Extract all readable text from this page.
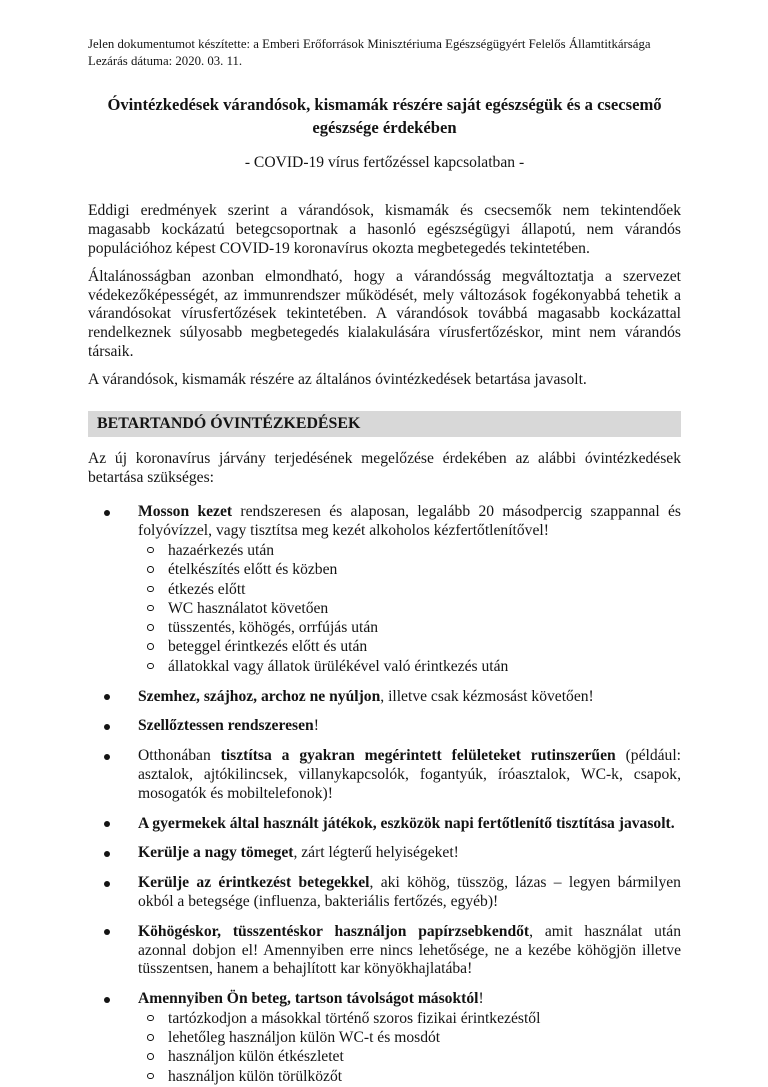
Jelen dokumentumot készítette: a Emberi Erőforrások Minisztériuma Egészségügyért Felelős Államtitkársága
Lezárás dátuma: 2020. 03. 11.
Óvintézkedések várandósok, kismamák részére saját egészségük és a csecsemő egészsége érdekében
- COVID-19 vírus fertőzéssel kapcsolatban -

Eddigi eredmények szerint a várandósok, kismamák és csecsemők nem tekintendőek magasabb kockázatú betegcsoportnak a hasonló egészségügyi állapotú, nem várandós populációhoz képest COVID-19 koronavírus okozta megbetegedés tekintetében.

Általánosságban azonban elmondható, hogy a várandósság megváltoztatja a szervezet védekezőképességét, az immunrendszer működését, mely változások fogékonyabbá tehetik a várandósokat vírusfertőzések tekintetében. A várandósok továbbá magasabb kockázattal rendelkeznek súlyosabb megbetegedés kialakulására vírusfertőzéskor, mint nem várandós társaik.

A várandósok, kismamák részére az általános óvintézkedések betartása javasolt.

BETARTANDÓ ÓVINTÉZKEDÉSEK

Az új koronavírus járvány terjedésének megelőzése érdekében az alábbi óvintézkedések betartása szükséges:

Mosson kezet rendszeresen és alaposan, legalább 20 másodpercig szappannal és folyóvízzel, vagy tisztítsa meg kezét alkoholos kézfertőtlenítővel!
hazaérkezés után
ételkészítés előtt és közben
étkezés előtt
WC használatot követően
tüsszentés, köhögés, orrfújás után
beteggel érintkezés előtt és után
állatokkal vagy állatok ürülékével való érintkezés után
Szemhez, szájhoz, archoz ne nyúljon, illetve csak kézmosást követően!
Szellőztessen rendszeresen!
Otthonában tisztítsa a gyakran megérintett felületeket rutinszerűen (például: asztalok, ajtókilincsek, villanykapcsolók, fogantyúk, íróasztalok, WC-k, csapok, mosogatók és mobiltelefonok)!
A gyermekek által használt játékok, eszközök napi fertőtlenítő tisztítása javasolt.
Kerülje a nagy tömeget, zárt légterű helyiségeket!
Kerülje az érintkezést betegekkel, aki köhög, tüsszög, lázas – legyen bármilyen okból a betegsége (influenza, bakteriális fertőzés, egyéb)!
Köhögéskor, tüsszentéskor használjon papírzsebkendőt, amit használat után azonnal dobjon el! Amennyiben erre nincs lehetősége, ne a kezébe köhögjön illetve tüsszentsen, hanem a behajlított kar könyökhajlatába!
Amennyiben Ön beteg, tartson távolságot másoktól!
tartózkodjon a másokkal történő szoros fizikai érintkezéstől
lehetőleg használjon külön WC-t és mosdót
használjon külön étkészletet
használjon külön törülközőt
